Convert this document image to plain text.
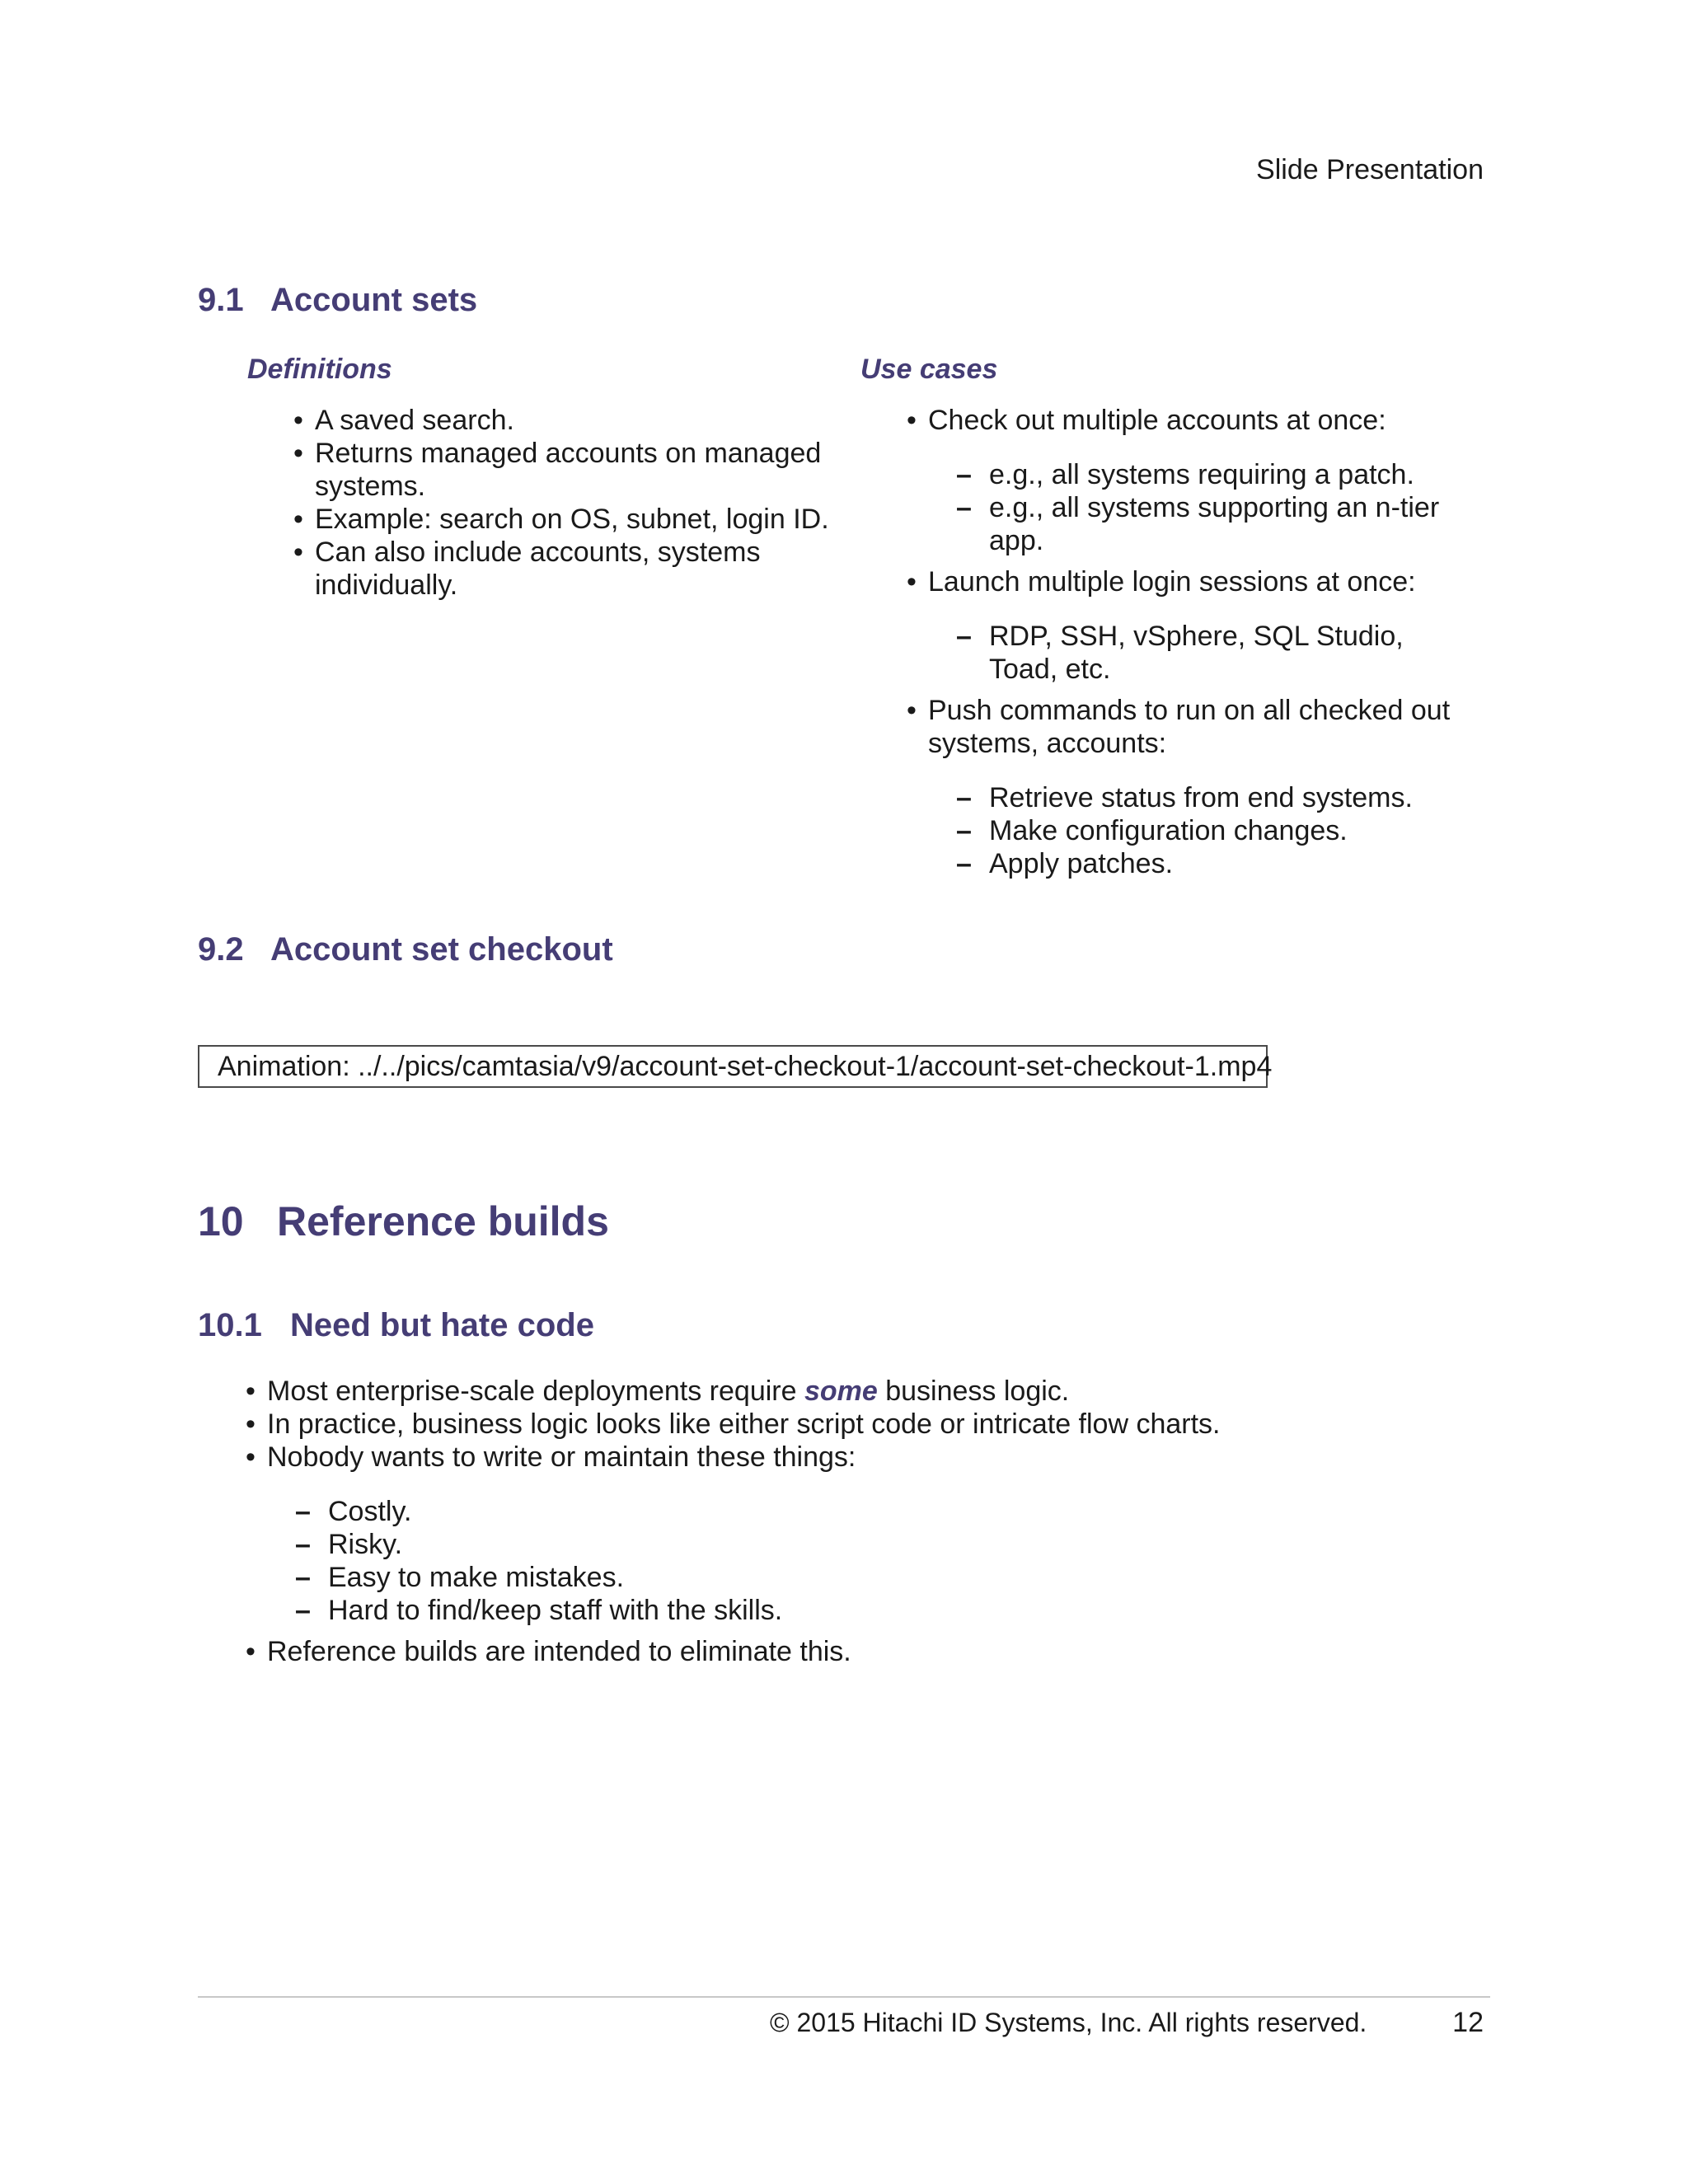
Slide Presentation
9.1 Account sets
Definitions
• A saved search.
• Returns managed accounts on managed systems.
• Example: search on OS, subnet, login ID.
• Can also include accounts, systems individually.
Use cases
• Check out multiple accounts at once:
– e.g., all systems requiring a patch.
– e.g., all systems supporting an n-tier app.
• Launch multiple login sessions at once:
– RDP, SSH, vSphere, SQL Studio, Toad, etc.
• Push commands to run on all checked out systems, accounts:
– Retrieve status from end systems.
– Make configuration changes.
– Apply patches.
9.2 Account set checkout
Animation: ../../pics/camtasia/v9/account-set-checkout-1/account-set-checkout-1.mp4
10 Reference builds
10.1 Need but hate code
• Most enterprise-scale deployments require some business logic.
• In practice, business logic looks like either script code or intricate flow charts.
• Nobody wants to write or maintain these things:
– Costly.
– Risky.
– Easy to make mistakes.
– Hard to find/keep staff with the skills.
• Reference builds are intended to eliminate this.
© 2015 Hitachi ID Systems, Inc. All rights reserved.	12
